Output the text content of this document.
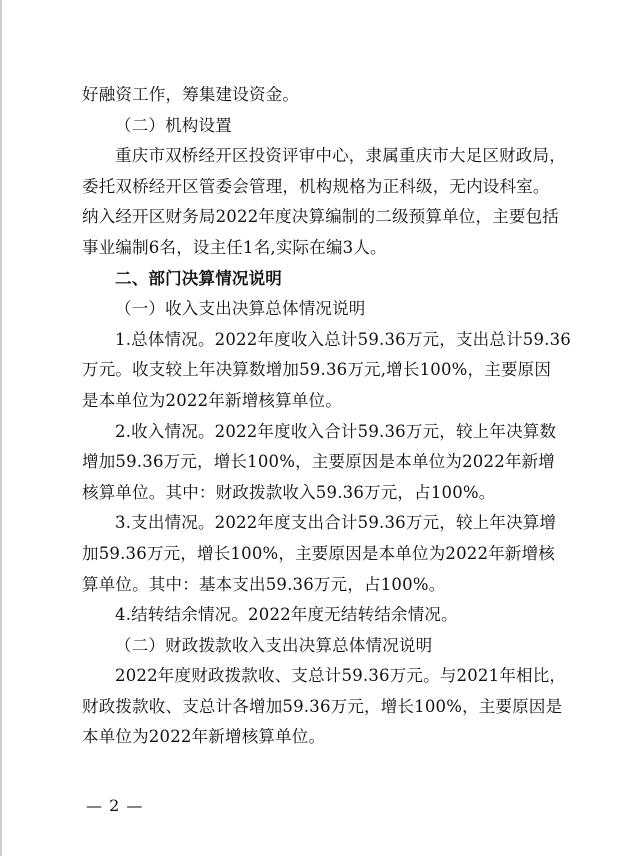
好融资工作，筹集建设资金。
（二）机构设置
重庆市双桥经开区投资评审中心，隶属重庆市大足区财政局，
委托双桥经开区管委会管理，机构规格为正科级，无内设科室。
纳入经开区财务局2022年度决算编制的二级预算单位，主要包括
事业编制6名，设主任1名,实际在编3人。
二、部门决算情况说明
（一）收入支出决算总体情况说明
1.总体情况。2022年度收入总计59.36万元，支出总计59.36
万元。收支较上年决算数增加59.36万元,增长100%，主要原因
是本单位为2022年新增核算单位。
2.收入情况。2022年度收入合计59.36万元，较上年决算数
增加59.36万元，增长100%，主要原因是本单位为2022年新增
核算单位。其中：财政拨款收入59.36万元，占100%。
3.支出情况。2022年度支出合计59.36万元，较上年决算增
加59.36万元，增长100%，主要原因是本单位为2022年新增核
算单位。其中：基本支出59.36万元，占100%。
4.结转结余情况。2022年度无结转结余情况。
（二）财政拨款收入支出决算总体情况说明
2022年度财政拨款收、支总计59.36万元。与2021年相比，
财政拨款收、支总计各增加59.36万元，增长100%，主要原因是
本单位为2022年新增核算单位。
— 2 —
